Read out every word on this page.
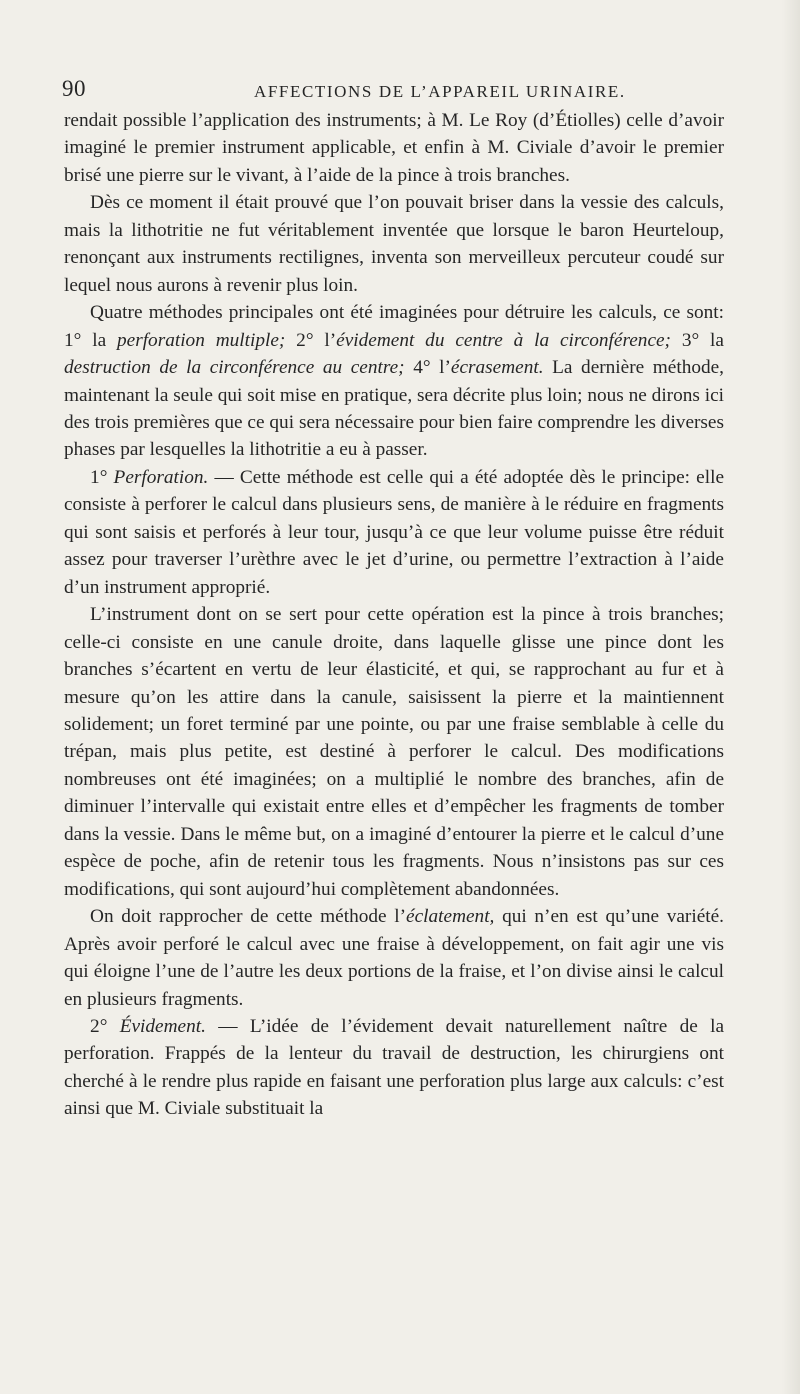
90	AFFECTIONS DE L’APPAREIL URINAIRE.

rendait possible l’application des instruments; à M. Le Roy (d’Étiolles) celle d’avoir imaginé le premier instrument applicable, et enfin à M. Civiale d’avoir le premier brisé une pierre sur le vivant, à l’aide de la pince à trois branches.

Dès ce moment il était prouvé que l’on pouvait briser dans la vessie des calculs, mais la lithotritie ne fut véritablement inventée que lorsque le baron Heurteloup, renonçant aux instruments rectilignes, inventa son merveilleux percuteur coudé sur lequel nous aurons à revenir plus loin.

Quatre méthodes principales ont été imaginées pour détruire les calculs, ce sont: 1° la perforation multiple; 2° l’évidement du centre à la circonférence; 3° la destruction de la circonférence au centre; 4° l’écrasement. La dernière méthode, maintenant la seule qui soit mise en pratique, sera décrite plus loin; nous ne dirons ici des trois premières que ce qui sera nécessaire pour bien faire comprendre les diverses phases par lesquelles la lithotritie a eu à passer.

1° Perforation. — Cette méthode est celle qui a été adoptée dès le principe: elle consiste à perforer le calcul dans plusieurs sens, de manière à le réduire en fragments qui sont saisis et perforés à leur tour, jusqu’à ce que leur volume puisse être réduit assez pour traverser l’urèthre avec le jet d’urine, ou permettre l’extraction à l’aide d’un instrument approprié.

L’instrument dont on se sert pour cette opération est la pince à trois branches; celle-ci consiste en une canule droite, dans laquelle glisse une pince dont les branches s’écartent en vertu de leur élasticité, et qui, se rapprochant au fur et à mesure qu’on les attire dans la canule, saisissent la pierre et la maintiennent solidement; un foret terminé par une pointe, ou par une fraise semblable à celle du trépan, mais plus petite, est destiné à perforer le calcul. Des modifications nombreuses ont été imaginées; on a multiplié le nombre des branches, afin de diminuer l’intervalle qui existait entre elles et d’empêcher les fragments de tomber dans la vessie. Dans le même but, on a imaginé d’entourer la pierre et le calcul d’une espèce de poche, afin de retenir tous les fragments. Nous n’insistons pas sur ces modifications, qui sont aujourd’hui complètement abandonnées.

On doit rapprocher de cette méthode l’éclatement, qui n’en est qu’une variété. Après avoir perforé le calcul avec une fraise à développement, on fait agir une vis qui éloigne l’une de l’autre les deux portions de la fraise, et l’on divise ainsi le calcul en plusieurs fragments.

2° Évidement. — L’idée de l’évidement devait naturellement naître de la perforation. Frappés de la lenteur du travail de destruction, les chirurgiens ont cherché à le rendre plus rapide en faisant une perforation plus large aux calculs: c’est ainsi que M. Civiale substituait la
